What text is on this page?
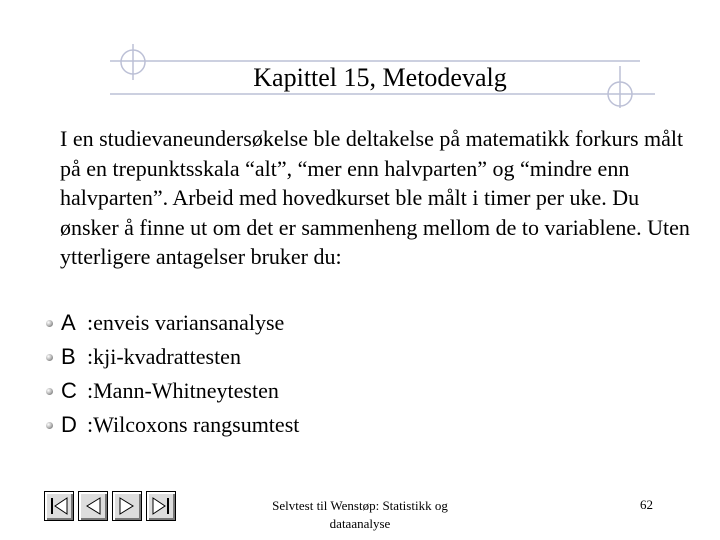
Kapittel 15, Metodevalg

I en studievaneundersøkelse ble deltakelse på matematikk forkurs målt på en trepunktsskala “alt”, “mer enn halvparten” og “mindre enn halvparten”. Arbeid med hovedkurset ble målt i timer per uke. Du ønsker å finne ut om det er sammenheng mellom de to variablene. Uten ytterligere antagelser bruker du:

A :enveis variansanalyse
B :kji-kvadrattesten
C :Mann-Whitneytesten
D :Wilcoxons rangsumtest
Selvtest til Wenstøp: Statistikk og dataanalyse
62
